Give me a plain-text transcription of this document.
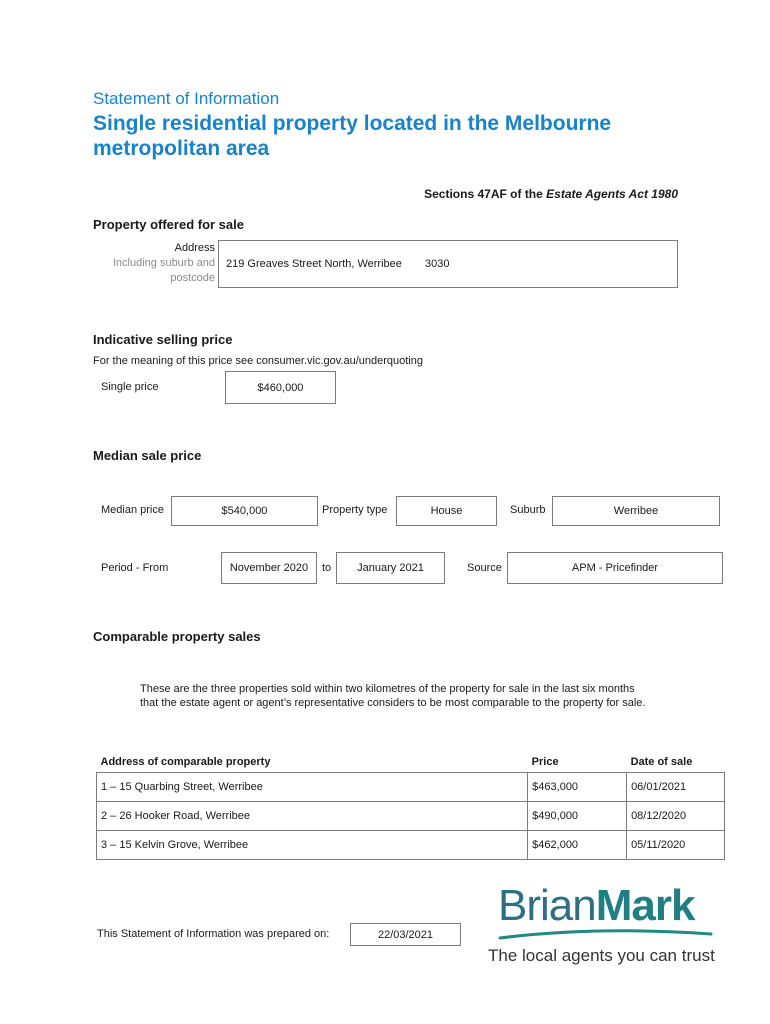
Statement of Information
Single residential property located in the Melbourne
metropolitan area
Sections 47AF of the Estate Agents Act 1980
Property offered for sale
Address
Including suburb and
postcode
219 Greaves Street North, Werribee 3030
Indicative selling price
For the meaning of this price see consumer.vic.gov.au/underquoting
Single price	$460,000
Median sale price
Median price	$540,000	Property type	House	Suburb	Werribee
Period - From	November 2020	to	January 2021	Source	APM - Pricefinder
Comparable property sales
These are the three properties sold within two kilometres of the property for sale in the last six months
that the estate agent or agent’s representative considers to be most comparable to the property for sale.
Address of comparable property	Price	Date of sale
1 – 15 Quarbing Street, Werribee	$463,000	06/01/2021
2 – 26 Hooker Road, Werribee	$490,000	08/12/2020
3 – 15 Kelvin Grove, Werribee	$462,000	05/11/2020
This Statement of Information was prepared on:	22/03/2021
BrianMark
The local agents you can trust
